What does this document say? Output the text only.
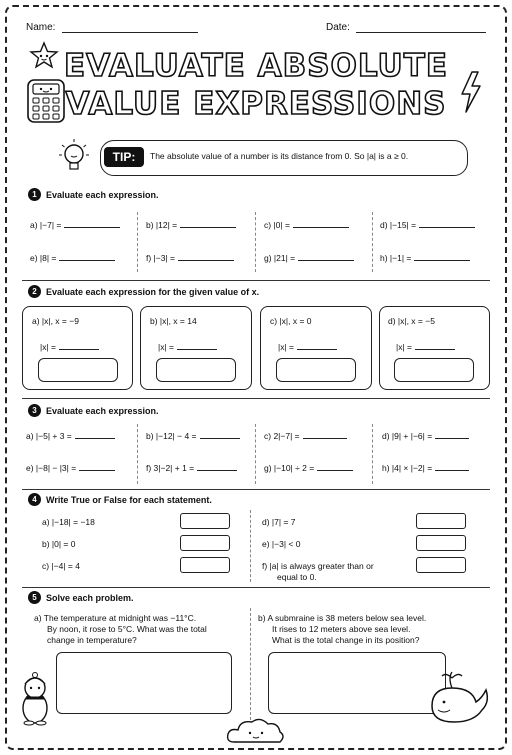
Name:	Date:
EVALUATE ABSOLUTE
VALUE EXPRESSIONS
TIP:	The absolute value of a number is its distance from 0. So |a| is a ≥ 0.
1	Evaluate each expression.
a) |−7| =	b) |12| =	c) |0| =	d) |−15| =
e) |8| =	f) |−3| =	g) |21| =	h) |−1| =
2	Evaluate each expression for the given value of x.
a) |x|, x = −9
|x| =
b) |x|, x = 14
|x| =
c) |x|, x = 0
|x| =
d) |x|, x = −5
|x| =
3	Evaluate each expression.
a) |−5| + 3 =	b) |−12| − 4 =	c) 2|−7| =	d) |9| + |−6| =
e) |−8| − |3| =	f) 3|−2| + 1 =	g) |−10| ÷ 2 =	h) |4| × |−2| =
4	Write True or False for each statement.
a) |−18| = −18
b) |0| = 0
c) |−4| = 4
d) |7| = 7
e) |−3| < 0
f) |a| is always greater than or
equal to 0.
5	Solve each problem.
a) The temperature at midnight was −11°C.
By noon, it rose to 5°C. What was the total
change in temperature?
b) A submraine is 38 meters below sea level.
It rises to 12 meters above sea level.
What is the total change in its position?
